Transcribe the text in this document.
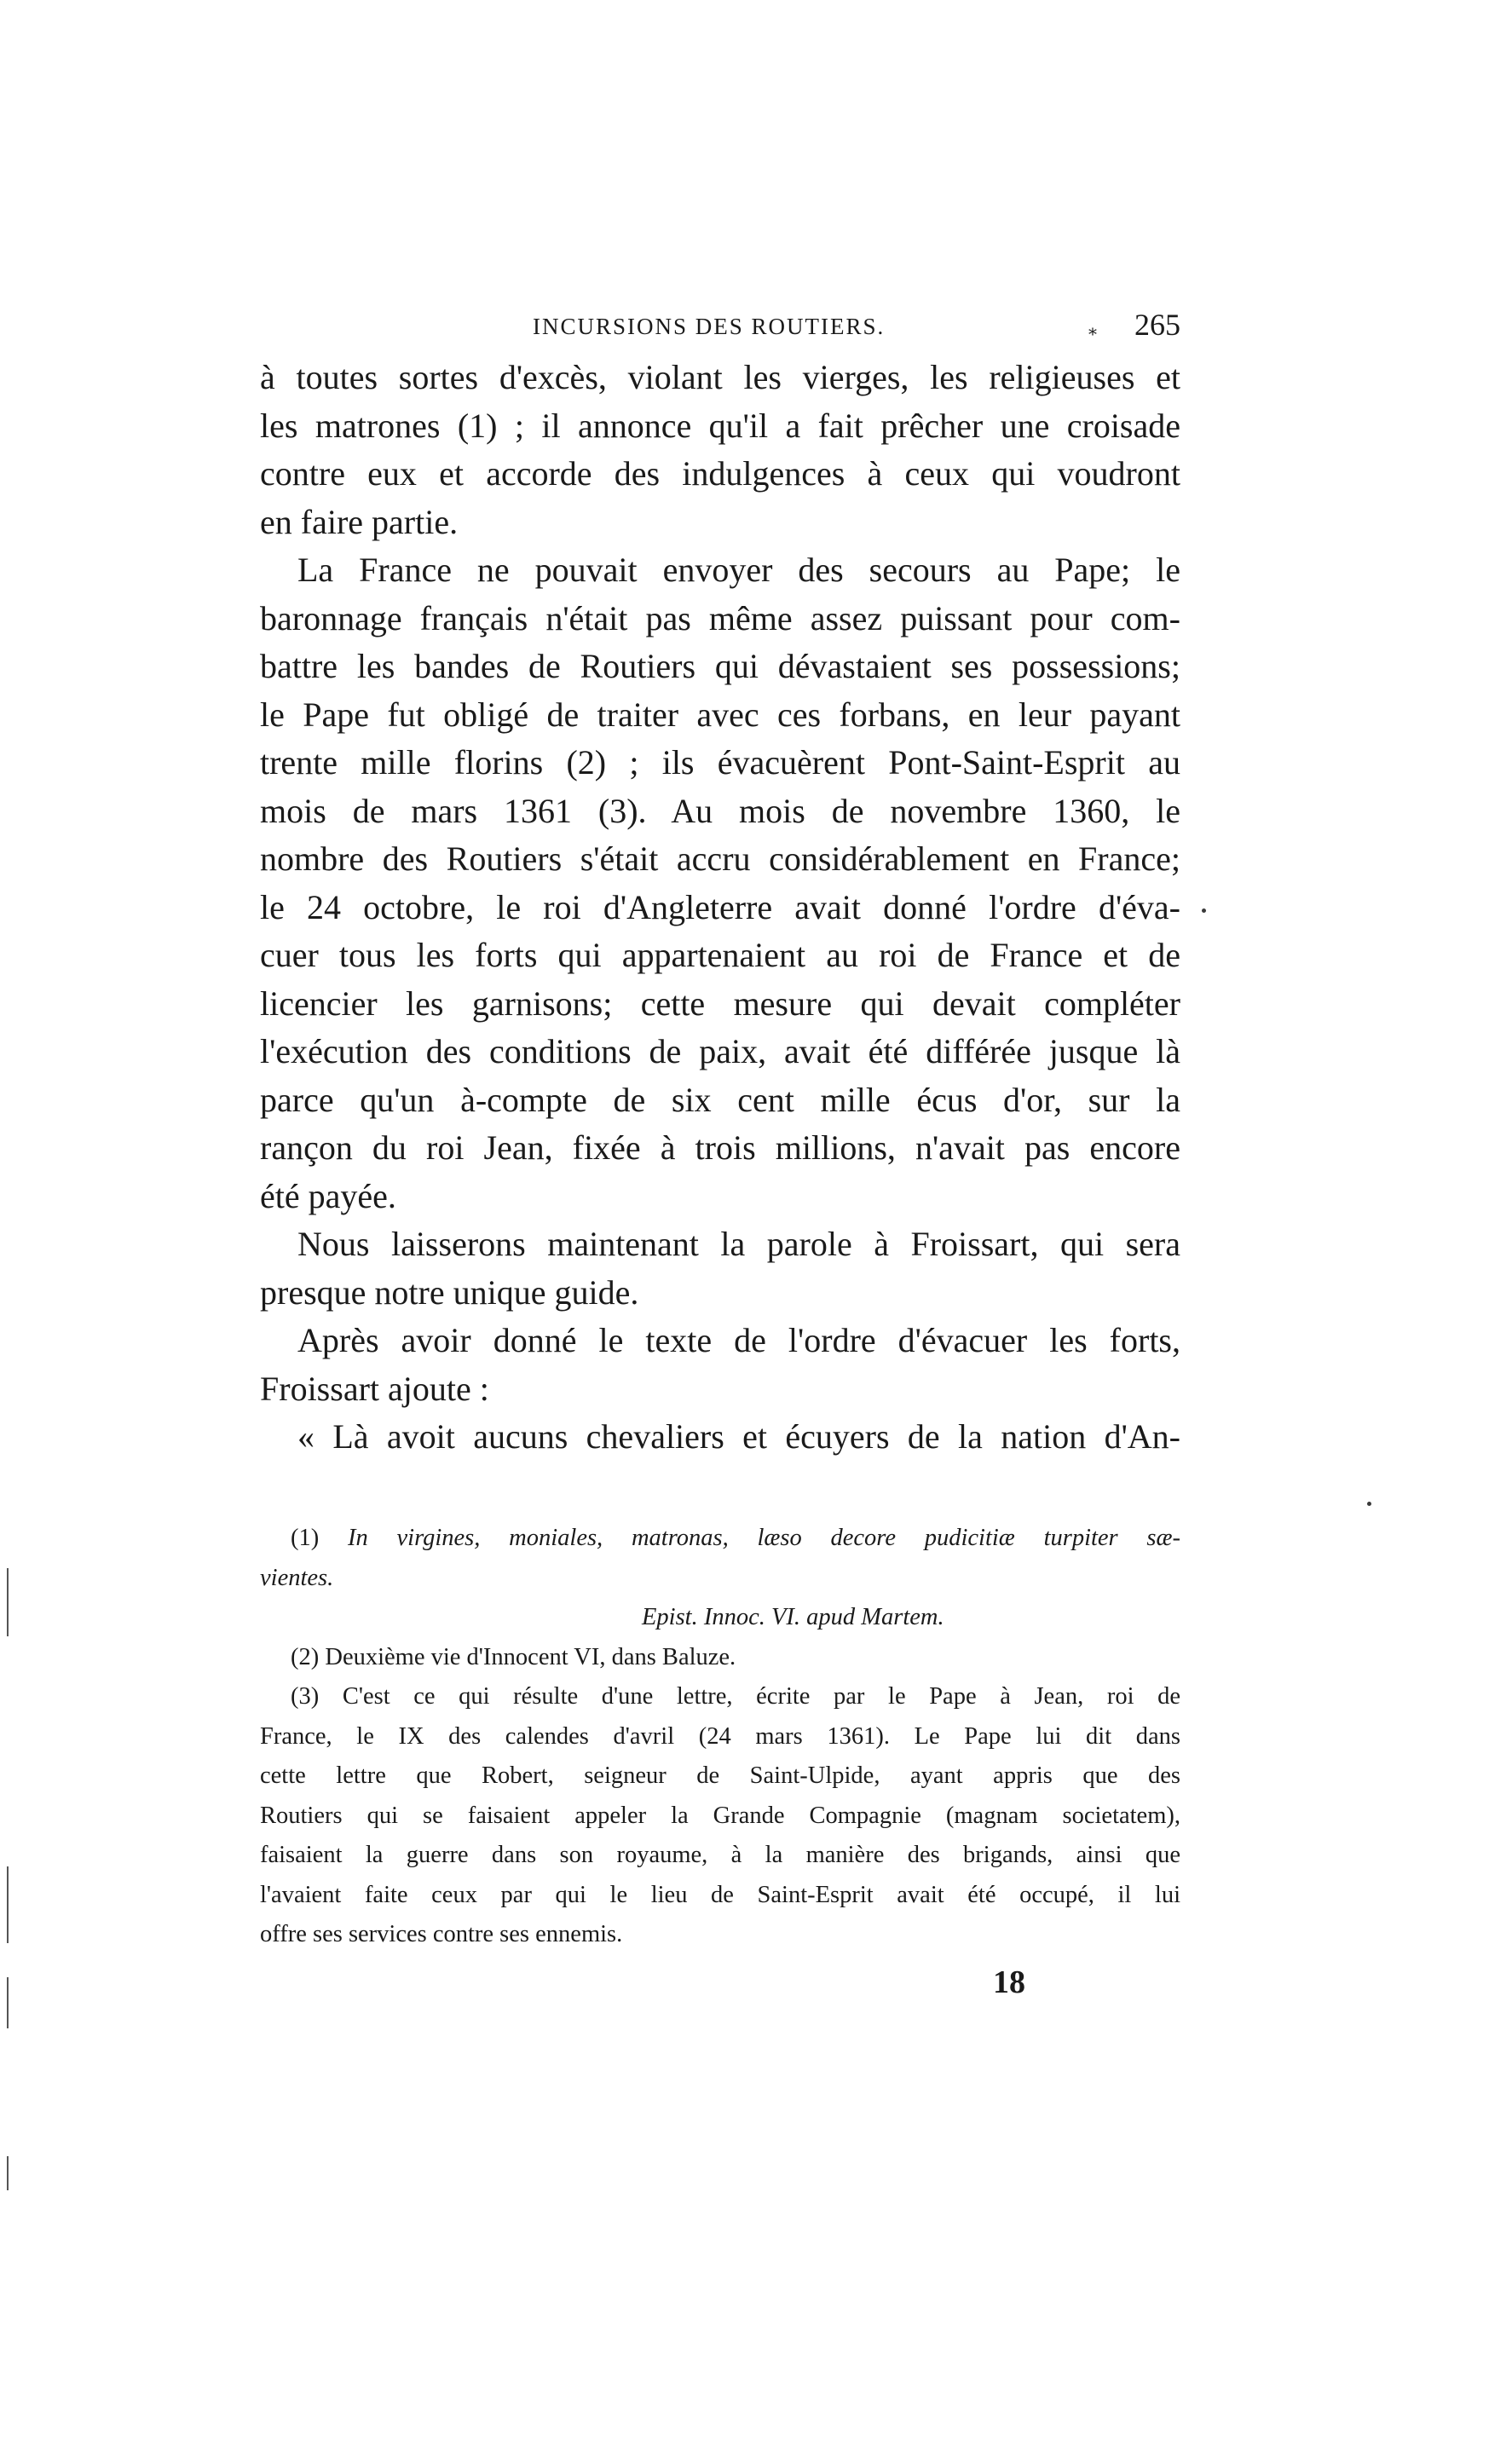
INCURSIONS DES ROUTIERS.	⁎ 265
à toutes sortes d'excès, violant les vierges, les religieuses et
les matrones (1) ; il annonce qu'il a fait prêcher une croisade
contre eux et accorde des indulgences à ceux qui voudront
en faire partie.
La France ne pouvait envoyer des secours au Pape; le
baronnage français n'était pas même assez puissant pour com-
battre les bandes de Routiers qui dévastaient ses possessions;
le Pape fut obligé de traiter avec ces forbans, en leur payant
trente mille florins (2) ; ils évacuèrent Pont-Saint-Esprit au
mois de mars 1361 (3). Au mois de novembre 1360, le
nombre des Routiers s'était accru considérablement en France;
le 24 octobre, le roi d'Angleterre avait donné l'ordre d'éva-
cuer tous les forts qui appartenaient au roi de France et de
licencier les garnisons; cette mesure qui devait compléter
l'exécution des conditions de paix, avait été différée jusque là
parce qu'un à-compte de six cent mille écus d'or, sur la
rançon du roi Jean, fixée à trois millions, n'avait pas encore
été payée.
Nous laisserons maintenant la parole à Froissart, qui sera
presque notre unique guide.
Après avoir donné le texte de l'ordre d'évacuer les forts,
Froissart ajoute :
« Là avoit aucuns chevaliers et écuyers de la nation d'An-
(1) In virgines, moniales, matronas, læso decore pudicitiæ turpiter sæ-
vientes.
Epist. Innoc. VI. apud Martem.
(2) Deuxième vie d'Innocent VI, dans Baluze.
(3) C'est ce qui résulte d'une lettre, écrite par le Pape à Jean, roi de
France, le IX des calendes d'avril (24 mars 1361). Le Pape lui dit dans
cette lettre que Robert, seigneur de Saint-Ulpide, ayant appris que des
Routiers qui se faisaient appeler la Grande Compagnie (magnam societatem),
faisaient la guerre dans son royaume, à la manière des brigands, ainsi que
l'avaient faite ceux par qui le lieu de Saint-Esprit avait été occupé, il lui
offre ses services contre ses ennemis.
18
